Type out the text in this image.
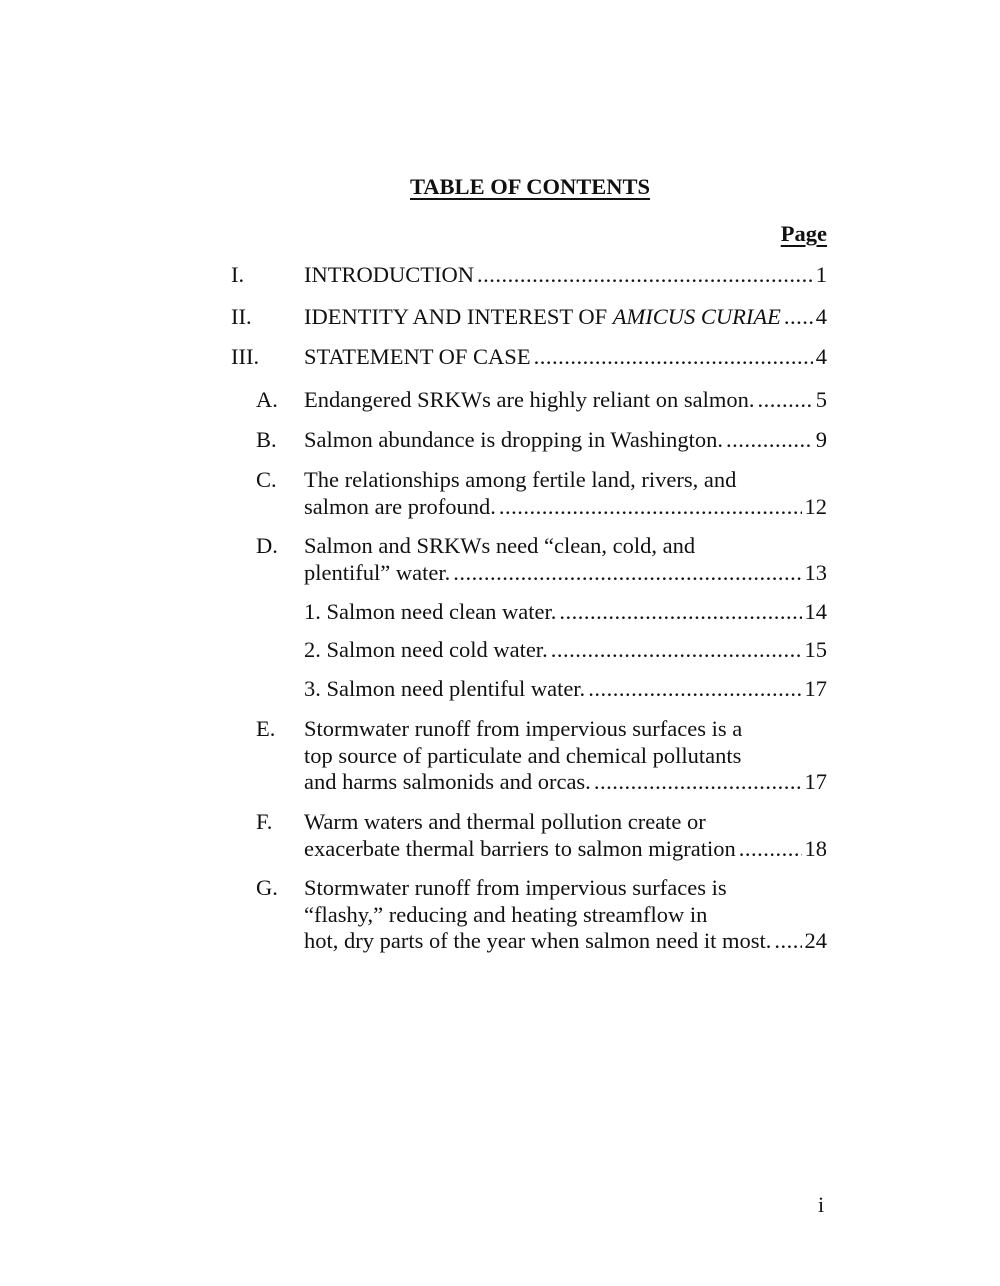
TABLE OF CONTENTS
Page
I.	INTRODUCTION .....	1
II. IDENTITY AND INTEREST OF AMICUS CURIAE ..... 4
III. STATEMENT OF CASE .....	4
A. Endangered SRKWs are highly reliant on salmon. .....	5
B. Salmon abundance is dropping in Washington. .....	9
C. The relationships among fertile land, rivers, and
salmon are profound. .....	12
D. Salmon and SRKWs need “clean, cold, and
plentiful” water. .....	13
1. Salmon need clean water. .....	14
2. Salmon need cold water. .....	15
3. Salmon need plentiful water. .....	17
E. Stormwater runoff from impervious surfaces is a
top source of particulate and chemical pollutants
and harms salmonids and orcas. .....	17
F. Warm waters and thermal pollution create or
exacerbate thermal barriers to salmon migration .....	18
G. Stormwater runoff from impervious surfaces is
“flashy,” reducing and heating streamflow in
hot, dry parts of the year when salmon need it most. ..... 24
i
